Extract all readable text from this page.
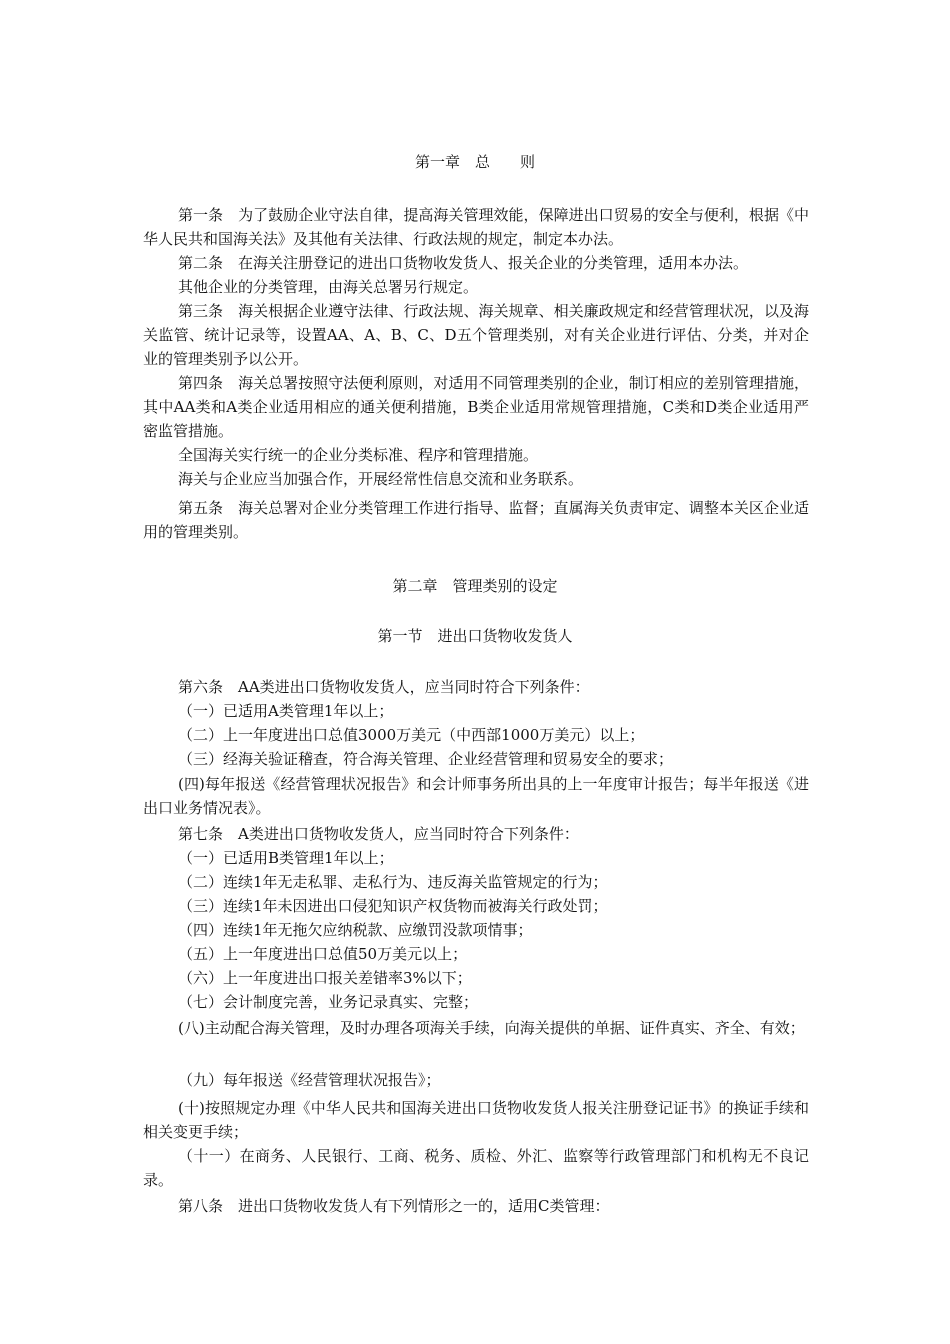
第一章　总　　则
第一条　为了鼓励企业守法自律，提高海关管理效能，保障进出口贸易的安全与便利，根据《中华人民共和国海关法》及其他有关法律、行政法规的规定，制定本办法。
第二条　在海关注册登记的进出口货物收发货人、报关企业的分类管理，适用本办法。
其他企业的分类管理，由海关总署另行规定。
第三条　海关根据企业遵守法律、行政法规、海关规章、相关廉政规定和经营管理状况，以及海关监管、统计记录等，设置AA、A、B、C、D五个管理类别，对有关企业进行评估、分类，并对企业的管理类别予以公开。
第四条　海关总署按照守法便利原则，对适用不同管理类别的企业，制订相应的差别管理措施，其中AA类和A类企业适用相应的通关便利措施，B类企业适用常规管理措施，C类和D类企业适用严密监管措施。
全国海关实行统一的企业分类标准、程序和管理措施。
海关与企业应当加强合作，开展经常性信息交流和业务联系。
第五条　海关总署对企业分类管理工作进行指导、监督；直属海关负责审定、调整本关区企业适用的管理类别。
第二章　管理类别的设定
第一节　进出口货物收发货人
第六条　AA类进出口货物收发货人，应当同时符合下列条件：
（一）已适用A类管理1年以上；
（二）上一年度进出口总值3000万美元（中西部1000万美元）以上；
（三）经海关验证稽查，符合海关管理、企业经营管理和贸易安全的要求；
(四)每年报送《经营管理状况报告》和会计师事务所出具的上一年度审计报告；每半年报送《进出口业务情况表》。
第七条　A类进出口货物收发货人，应当同时符合下列条件：
（一）已适用B类管理1年以上；
（二）连续1年无走私罪、走私行为、违反海关监管规定的行为；
（三）连续1年未因进出口侵犯知识产权货物而被海关行政处罚；
（四）连续1年无拖欠应纳税款、应缴罚没款项情事；
（五）上一年度进出口总值50万美元以上；
（六）上一年度进出口报关差错率3%以下；
（七）会计制度完善，业务记录真实、完整；
(八)主动配合海关管理，及时办理各项海关手续，向海关提供的单据、证件真实、齐全、有效；
（九）每年报送《经营管理状况报告》；
(十)按照规定办理《中华人民共和国海关进出口货物收发货人报关注册登记证书》的换证手续和相关变更手续；
（十一）在商务、人民银行、工商、税务、质检、外汇、监察等行政管理部门和机构无不良记录。
第八条　进出口货物收发货人有下列情形之一的，适用C类管理：
